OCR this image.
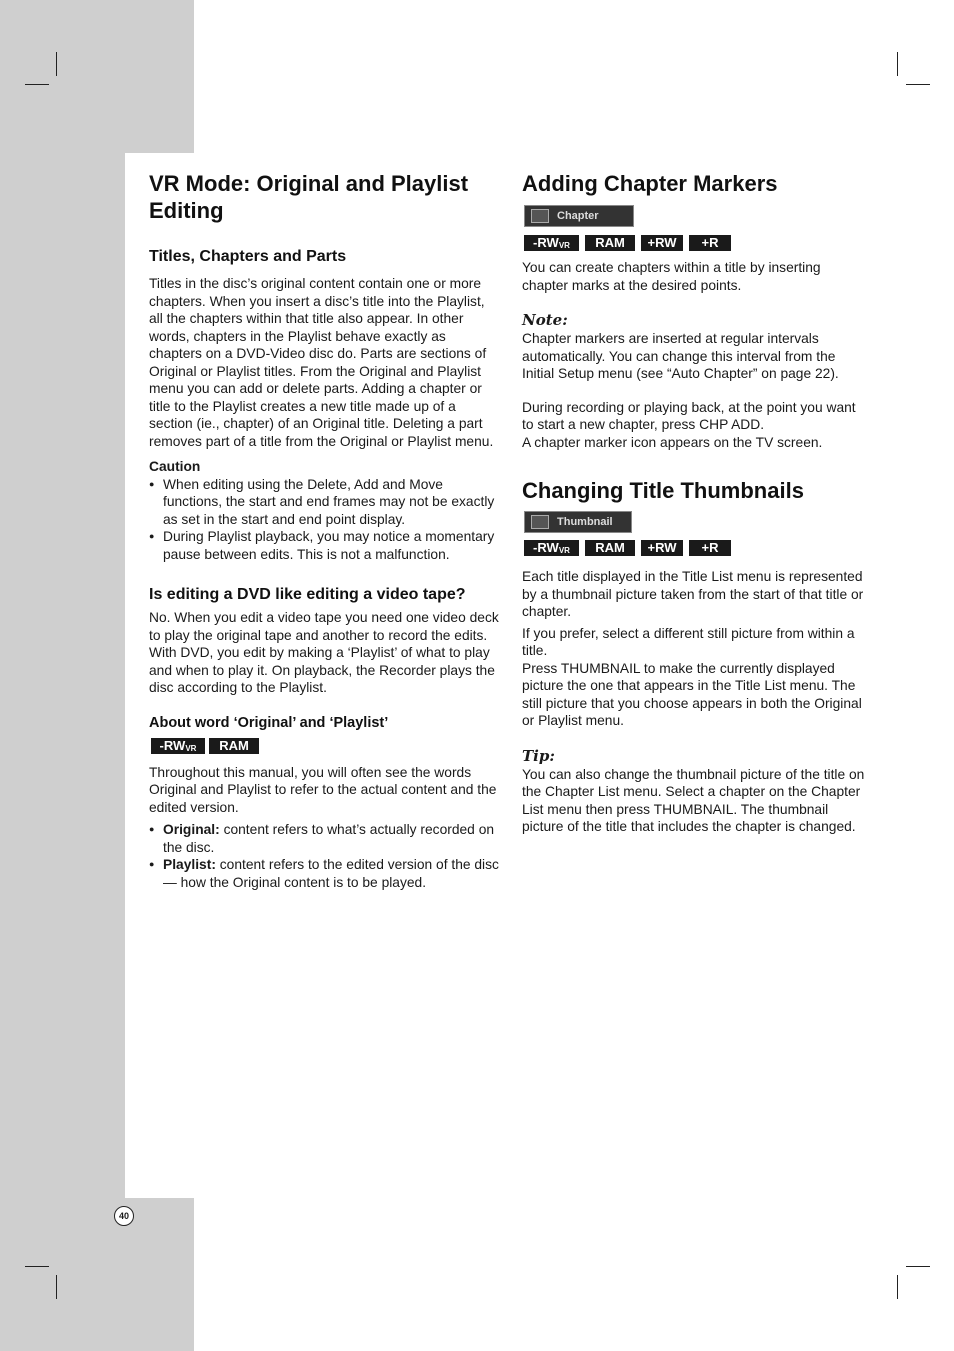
40
VR Mode: Original and Playlist Editing
Titles, Chapters and Parts

Titles in the disc’s original content contain one or more chapters. When you insert a disc’s title into the Playlist, all the chapters within that title also appear. In other words, chapters in the Playlist behave exactly as chapters on a DVD-Video disc do. Parts are sections of Original or Playlist titles. From the Original and Playlist menu you can add or delete parts. Adding a chapter or title to the Playlist creates a new title made up of a section (ie., chapter) of an Original title. Deleting a part removes part of a title from the Original or Playlist menu.

Caution
● When editing using the Delete, Add and Move functions, the start and end frames may not be exactly as set in the start and end point display.
● During Playlist playback, you may notice a momentary pause between edits. This is not a malfunction.
Is editing a DVD like editing a video tape?

No. When you edit a video tape you need one video deck to play the original tape and another to record the edits. With DVD, you edit by making a ‘Playlist’ of what to play and when to play it. On playback, the Recorder plays the disc according to the Playlist.

About word ‘Original’ and ‘Playlist’
$-RW_{VR}$	RAM

Throughout this manual, you will often see the words Original and Playlist to refer to the actual content and the edited version.

● Original: content refers to what’s actually recorded on the disc.
● Playlist: content refers to the edited version of the disc — how the Original content is to be played.
Adding Chapter Markers
Chapter
$-RW_{VR}$	RAM	+RW	+R

You can create chapters within a title by inserting chapter marks at the desired points.

Note:

Chapter markers are inserted at regular intervals automatically. You can change this interval from the Initial Setup menu (see “Auto Chapter” on page 22).

During recording or playing back, at the point you want to start a new chapter, press CHP ADD.

A chapter marker icon appears on the TV screen.

Changing Title Thumbnails
Thumbnail
$-RW_{VR}$	RAM	+RW	+R

Each title displayed in the Title List menu is represented by a thumbnail picture taken from the start of that title or chapter.

If you prefer, select a different still picture from within a title.

Press THUMBNAIL to make the currently displayed picture the one that appears in the Title List menu. The still picture that you choose appears in both the Original or Playlist menu.

Tip:

You can also change the thumbnail picture of the title on the Chapter List menu. Select a chapter on the Chapter List menu then press THUMBNAIL. The thumbnail picture of the title that includes the chapter is changed.
